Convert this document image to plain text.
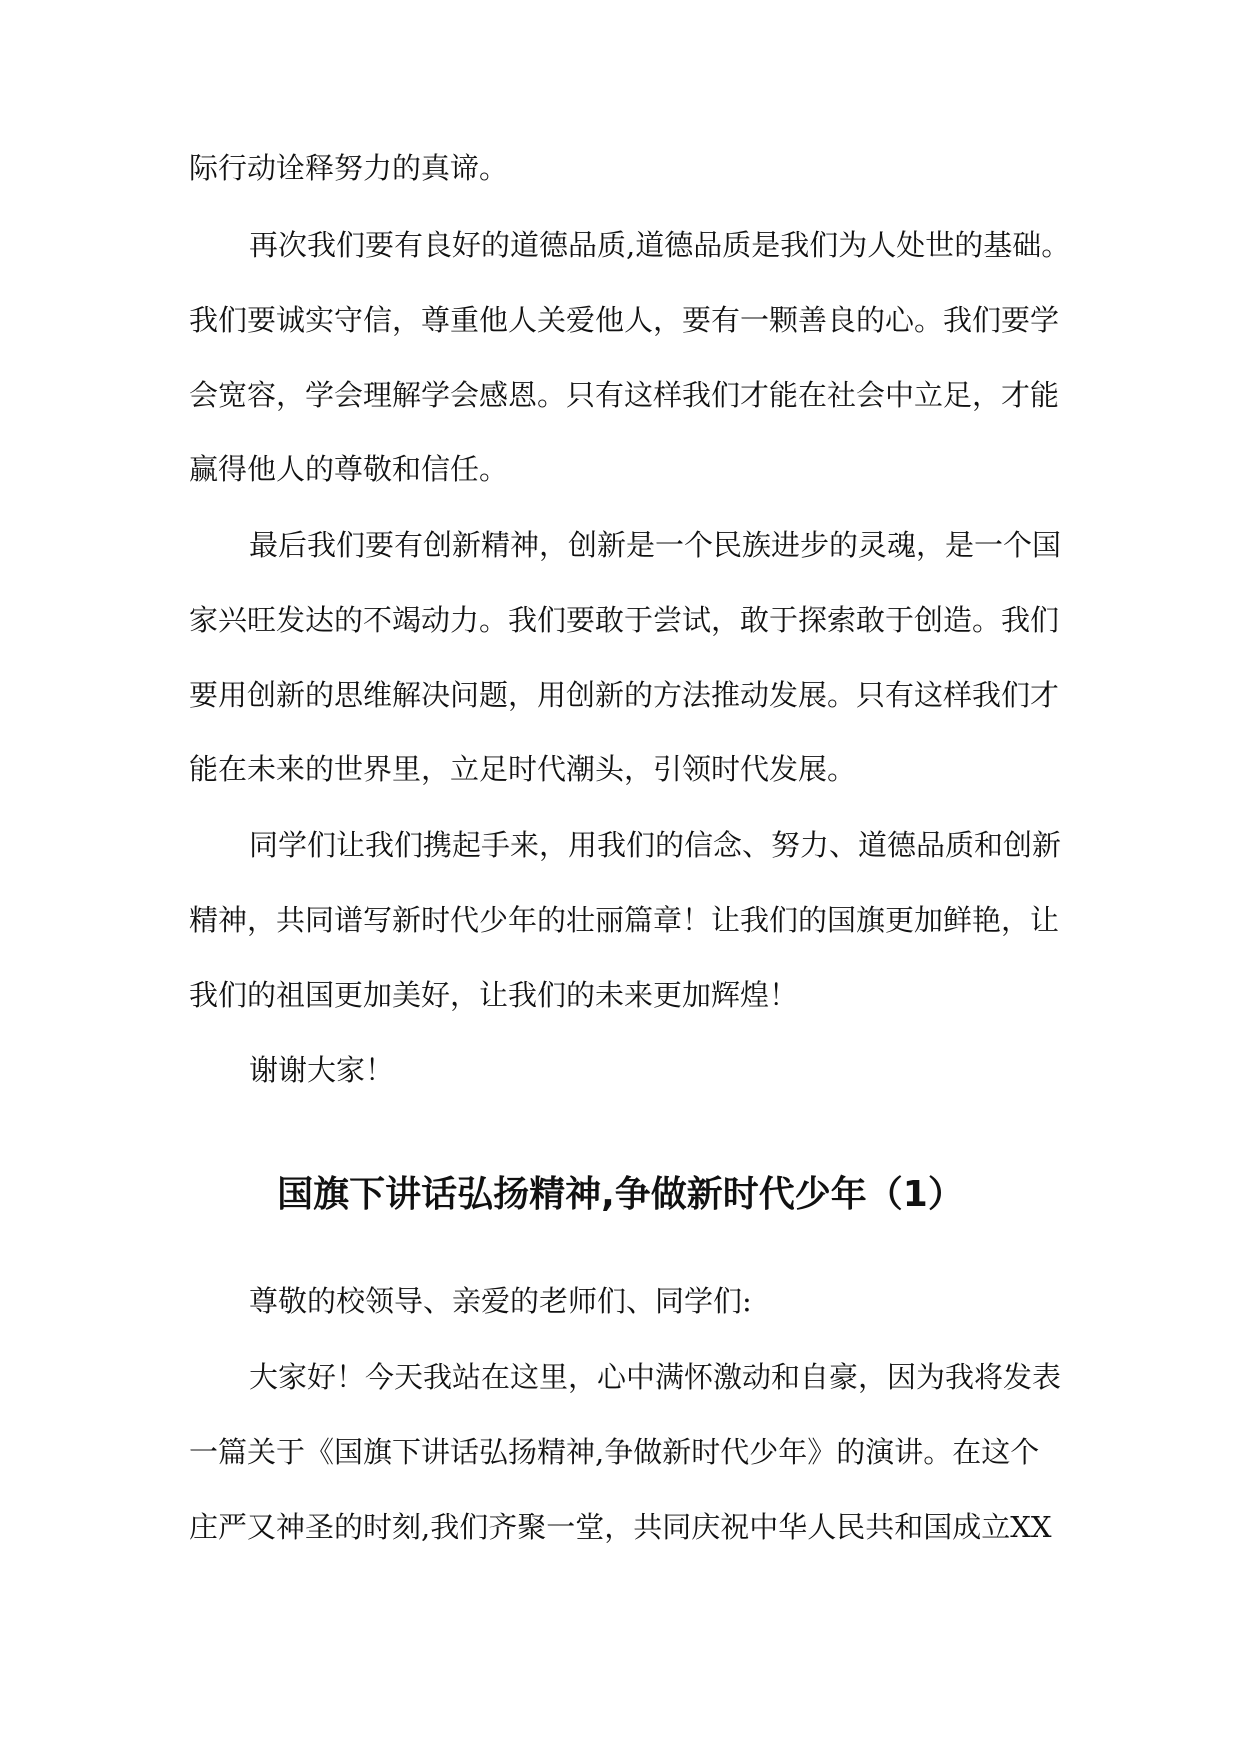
际行动诠释努力的真谛。
再次我们要有良好的道德品质,道德品质是我们为人处世的基础。
我们要诚实守信，尊重他人关爱他人，要有一颗善良的心。我们要学
会宽容，学会理解学会感恩。只有这样我们才能在社会中立足，才能
赢得他人的尊敬和信任。
最后我们要有创新精神，创新是一个民族进步的灵魂，是一个国
家兴旺发达的不竭动力。我们要敢于尝试，敢于探索敢于创造。我们
要用创新的思维解决问题，用创新的方法推动发展。只有这样我们才
能在未来的世界里，立足时代潮头，引领时代发展。
同学们让我们携起手来，用我们的信念、努力、道德品质和创新
精神，共同谱写新时代少年的壮丽篇章！让我们的国旗更加鲜艳，让
我们的祖国更加美好，让我们的未来更加辉煌！
谢谢大家！
国旗下讲话弘扬精神,争做新时代少年（1）
尊敬的校领导、亲爱的老师们、同学们:
大家好！今天我站在这里，心中满怀激动和自豪，因为我将发表
一篇关于《国旗下讲话弘扬精神,争做新时代少年》的演讲。在这个
庄严又神圣的时刻,我们齐聚一堂，共同庆祝中华人民共和国成立XX
